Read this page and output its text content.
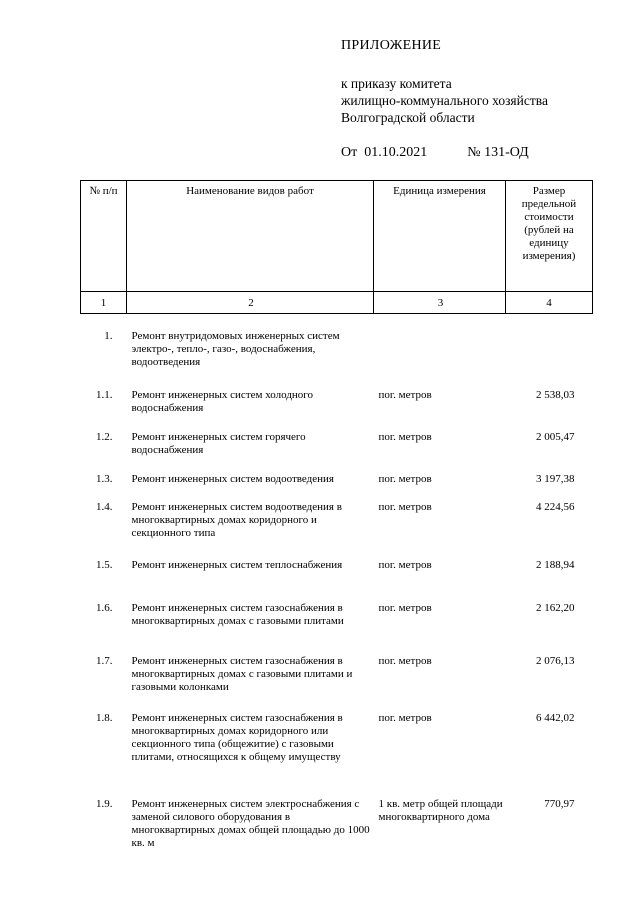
ПРИЛОЖЕНИЕ
к приказу комитета
жилищно-коммунального хозяйства
Волгоградской области
От  01.10.2021	№ 131-ОД
№ п/п	Наименование видов работ	Единица измерения	Размер предельной стоимости (рублей на единицу измерения)
1	2	3	4

1.	Ремонт внутридомовых инженерных систем электро-, тепло-, газо-, водоснабжения, водоотведения		
1.1.	Ремонт инженерных систем холодного водоснабжения	пог. метров	2 538,03
1.2.	Ремонт инженерных систем горячего водоснабжения	пог. метров	2 005,47
1.3.	Ремонт инженерных систем водоотведения	пог. метров	3 197,38
1.4.	Ремонт инженерных систем водоотведения в многоквартирных домах коридорного и секционного типа	пог. метров	4 224,56
1.5.	Ремонт инженерных систем теплоснабжения	пог. метров	2 188,94
1.6.	Ремонт инженерных систем газоснабжения в многоквартирных домах с газовыми плитами	пог. метров	2 162,20
1.7.	Ремонт инженерных систем газоснабжения в многоквартирных домах с газовыми плитами и газовыми колонками	пог. метров	2 076,13
1.8.	Ремонт инженерных систем газоснабжения в многоквартирных домах коридорного или секционного типа (общежитие) с газовыми плитами, относящихся к общему имуществу	пог. метров	6 442,02
1.9.	Ремонт инженерных систем электроснабжения с заменой силового оборудования в многоквартирных домах общей площадью до 1000 кв. м	1 кв. метр общей площади многоквартирного дома	770,97
